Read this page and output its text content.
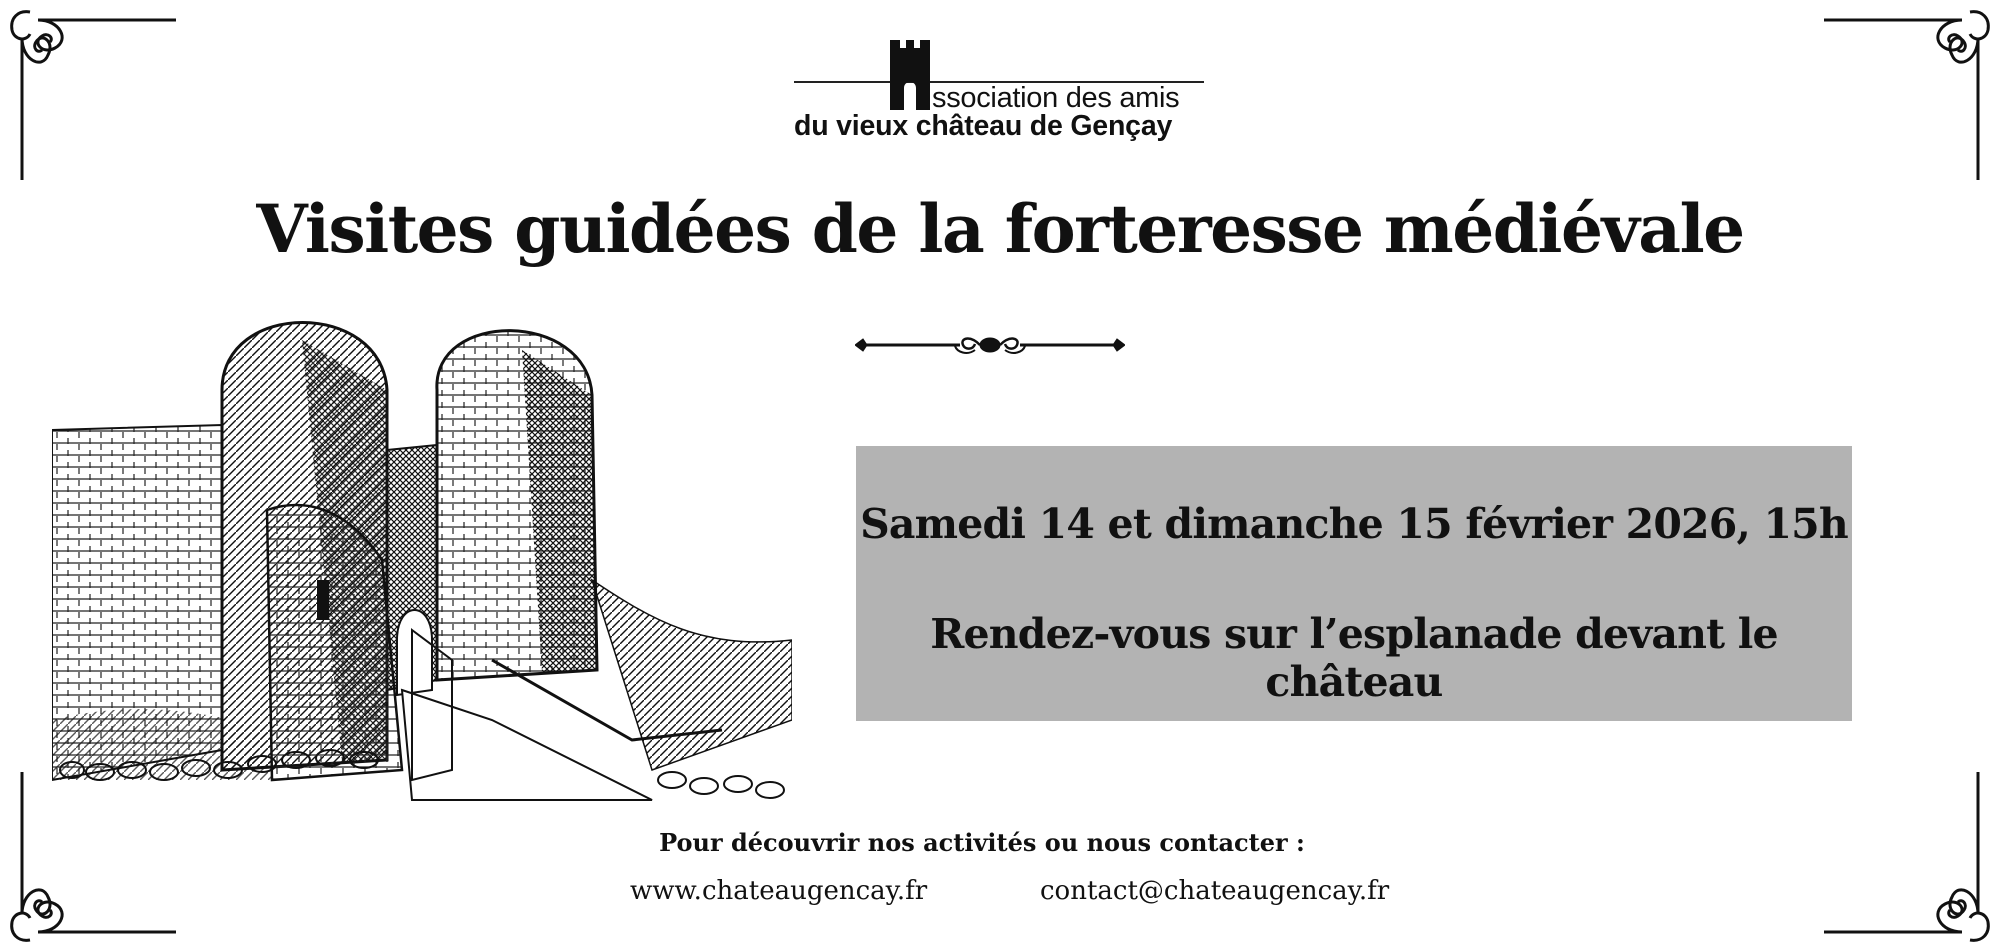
ssociation des amis
du vieux château de Gençay
Visites guidées de la forteresse médiévale
Samedi 14 et dimanche 15 février 2026, 15h
Rendez-vous sur l’esplanade devant le château
Pour découvrir nos activités ou nous contacter :
www.chateaugencay.fr	contact@chateaugencay.fr
